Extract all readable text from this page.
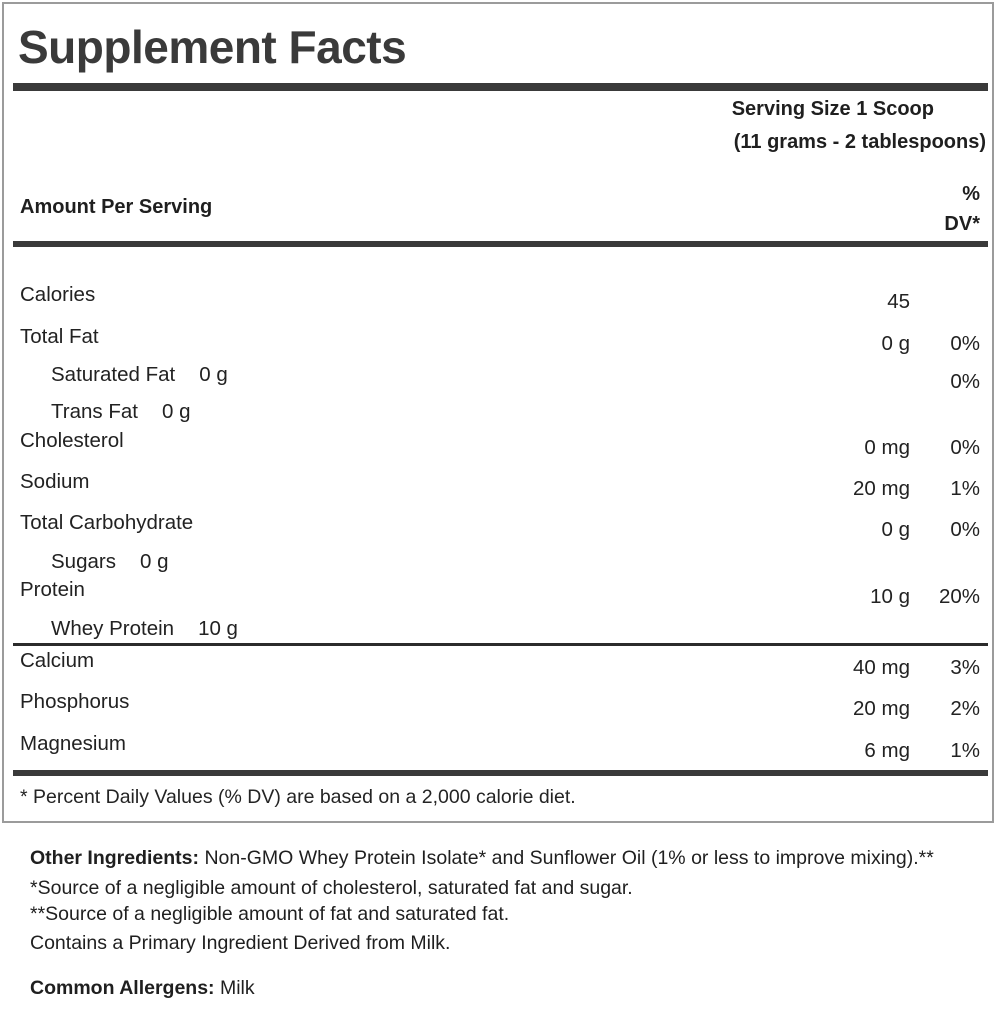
Supplement Facts
Serving Size 1 Scoop
(11 grams - 2 tablespoons)
Amount Per Serving
%
DV*
Calories	45
Total Fat	0 g	0%
Saturated Fat 0 g	0%
Trans Fat 0 g
Cholesterol	0 mg	0%
Sodium	20 mg	1%
Total Carbohydrate	0 g	0%
Sugars 0 g
Protein	10 g	20%
Whey Protein 10 g
Calcium	40 mg	3%
Phosphorus	20 mg	2%
Magnesium	6 mg	1%

* Percent Daily Values (% DV) are based on a 2,000 calorie diet.

Other Ingredients: Non-GMO Whey Protein Isolate* and Sunflower Oil (1% or less to improve mixing).**

*Source of a negligible amount of cholesterol, saturated fat and sugar.
**Source of a negligible amount of fat and saturated fat.
Contains a Primary Ingredient Derived from Milk.

Common Allergens: Milk
